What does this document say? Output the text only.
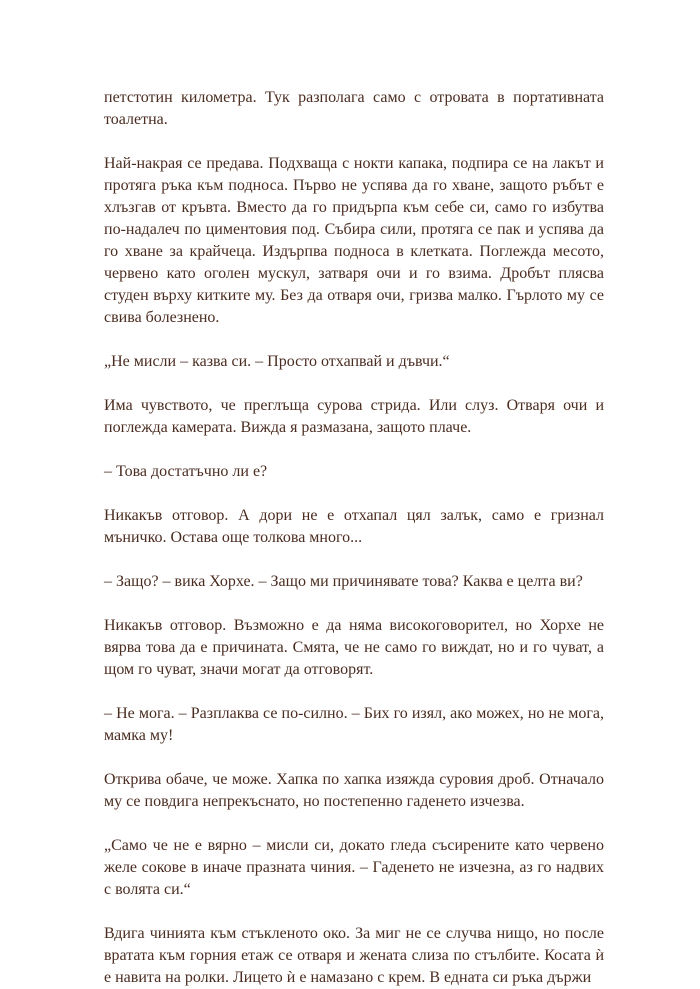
петстотин километра. Тук разполага само с отровата в портативната тоалетна.

Най-накрая се предава. Подхваща с нокти капака, подпира се на лакът и протяга ръка към подноса. Първо не успява да го хване, защото ръбът е хлъзгав от кръвта. Вместо да го придърпа към себе си, само го избутва по-надалеч по циментовия под. Събира сили, протяга се пак и успява да го хване за крайчеца. Издърпва подноса в клетката. Поглежда месото, червено като оголен мускул, затваря очи и го взима. Дробът плясва студен върху китките му. Без да отваря очи, гризва малко. Гърлото му се свива болезнено.

„Не мисли – казва си. – Просто отхапвай и дъвчи.“

Има чувството, че преглъща сурова стрида. Или слуз. Отваря очи и поглежда камерата. Вижда я размазана, защото плаче.

– Това достатъчно ли е?

Никакъв отговор. А дори не е отхапал цял залък, само е гризнал мъничко. Остава още толкова много...

– Защо? – вика Хорхе. – Защо ми причинявате това? Каква е целта ви?

Никакъв отговор. Възможно е да няма високоговорител, но Хорхе не вярва това да е причината. Смята, че не само го виждат, но и го чуват, а щом го чуват, значи могат да отговорят.

– Не мога. – Разплаква се по-силно. – Бих го изял, ако можех, но не мога, мамка му!

Открива обаче, че може. Хапка по хапка изяжда суровия дроб. Отначало му се повдига непрекъснато, но постепенно гаденето изчезва.

„Само че не е вярно – мисли си, докато гледа съсирените като червено желе сокове в иначе празната чиния. – Гаденето не изчезна, аз го надвих с волята си.“

Вдига чинията към стъкленото око. За миг не се случва нищо, но после вратата към горния етаж се отваря и жената слиза по стълбите. Косата ѝ е навита на ролки. Лицето ѝ е намазано с крем. В едната си ръка държи
